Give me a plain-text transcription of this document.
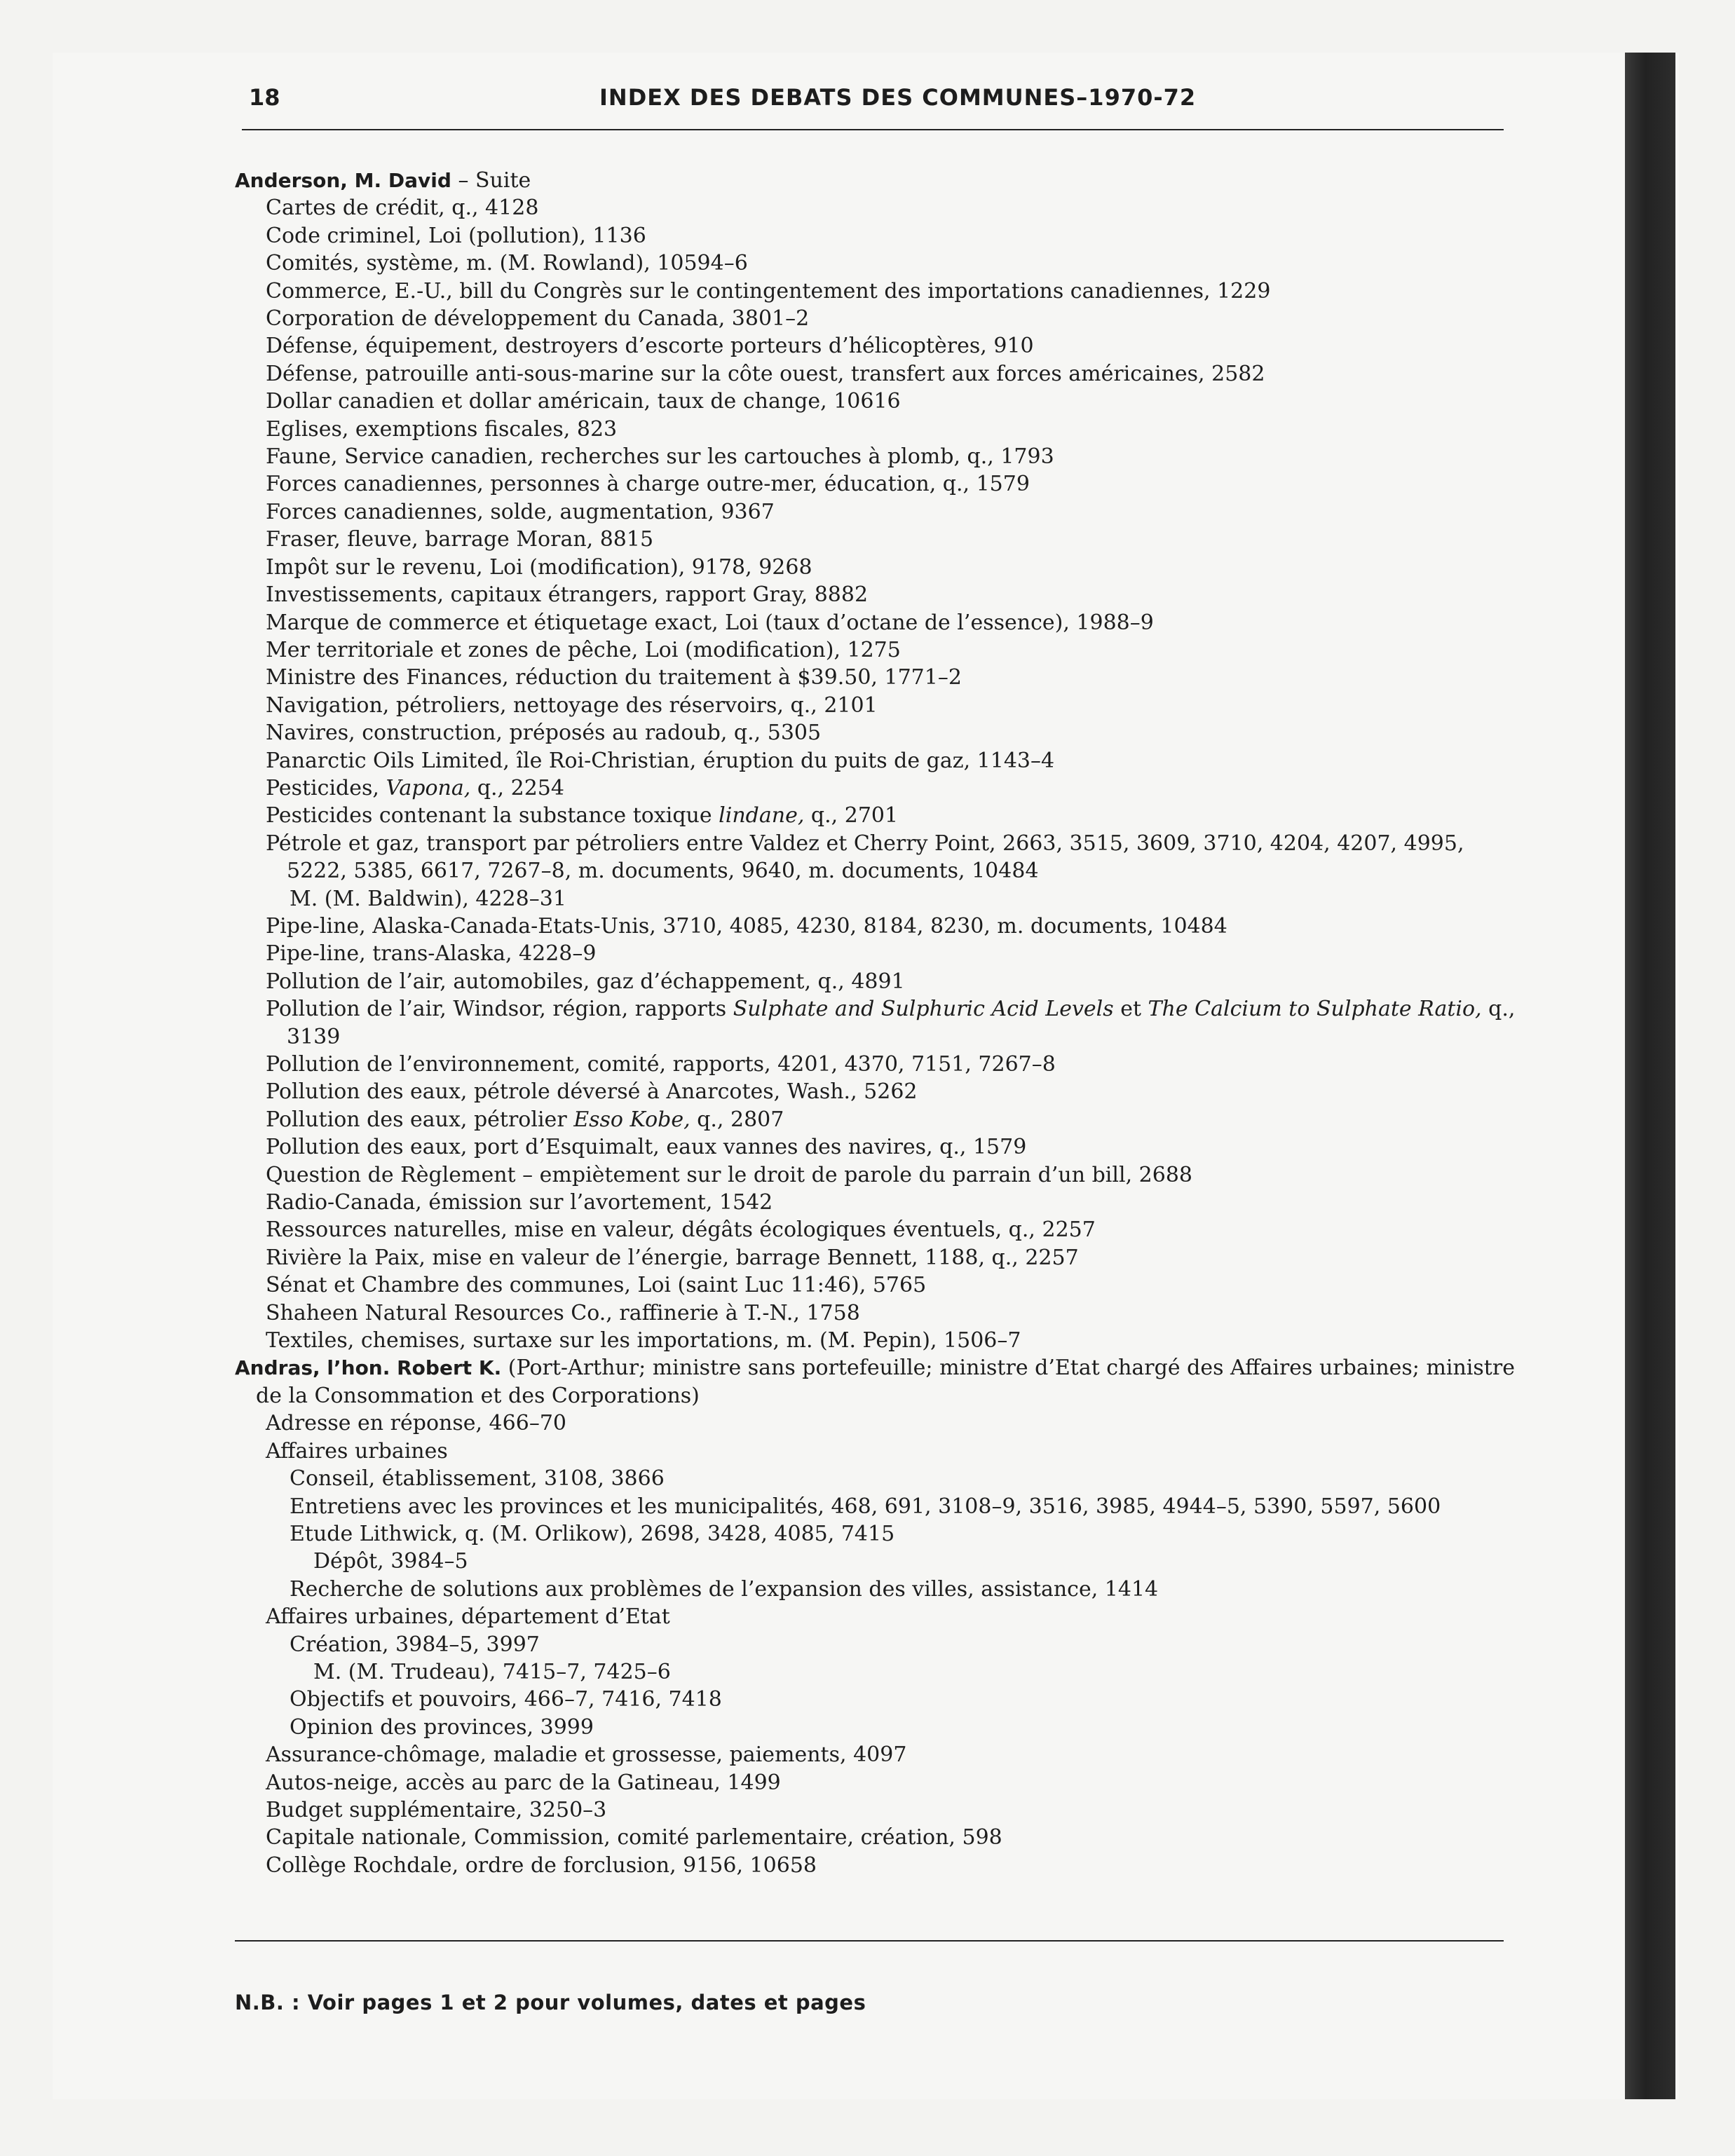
18	INDEX DES DEBATS DES COMMUNES–1970-72
Anderson, M. David – Suite
Cartes de crédit, q., 4128
Code criminel, Loi (pollution), 1136
Comités, système, m. (M. Rowland), 10594–6
Commerce, E.-U., bill du Congrès sur le contingentement des importations canadiennes, 1229
Corporation de développement du Canada, 3801–2
Défense, équipement, destroyers d’escorte porteurs d’hélicoptères, 910
Défense, patrouille anti-sous-marine sur la côte ouest, transfert aux forces américaines, 2582
Dollar canadien et dollar américain, taux de change, 10616
Eglises, exemptions fiscales, 823
Faune, Service canadien, recherches sur les cartouches à plomb, q., 1793
Forces canadiennes, personnes à charge outre-mer, éducation, q., 1579
Forces canadiennes, solde, augmentation, 9367
Fraser, fleuve, barrage Moran, 8815
Impôt sur le revenu, Loi (modification), 9178, 9268
Investissements, capitaux étrangers, rapport Gray, 8882
Marque de commerce et étiquetage exact, Loi (taux d’octane de l’essence), 1988–9
Mer territoriale et zones de pêche, Loi (modification), 1275
Ministre des Finances, réduction du traitement à $39.50, 1771–2
Navigation, pétroliers, nettoyage des réservoirs, q., 2101
Navires, construction, préposés au radoub, q., 5305
Panarctic Oils Limited, île Roi-Christian, éruption du puits de gaz, 1143–4
Pesticides, Vapona, q., 2254
Pesticides contenant la substance toxique lindane, q., 2701
Pétrole et gaz, transport par pétroliers entre Valdez et Cherry Point, 2663, 3515, 3609, 3710, 4204, 4207, 4995, 5222, 5385, 6617, 7267–8, m. documents, 9640, m. documents, 10484
M. (M. Baldwin), 4228–31
Pipe-line, Alaska-Canada-Etats-Unis, 3710, 4085, 4230, 8184, 8230, m. documents, 10484
Pipe-line, trans-Alaska, 4228–9
Pollution de l’air, automobiles, gaz d’échappement, q., 4891
Pollution de l’air, Windsor, région, rapports Sulphate and Sulphuric Acid Levels et The Calcium to Sulphate Ratio, q., 3139
Pollution de l’environnement, comité, rapports, 4201, 4370, 7151, 7267–8
Pollution des eaux, pétrole déversé à Anarcotes, Wash., 5262
Pollution des eaux, pétrolier Esso Kobe, q., 2807
Pollution des eaux, port d’Esquimalt, eaux vannes des navires, q., 1579
Question de Règlement – empiètement sur le droit de parole du parrain d’un bill, 2688
Radio-Canada, émission sur l’avortement, 1542
Ressources naturelles, mise en valeur, dégâts écologiques éventuels, q., 2257
Rivière la Paix, mise en valeur de l’énergie, barrage Bennett, 1188, q., 2257
Sénat et Chambre des communes, Loi (saint Luc 11:46), 5765
Shaheen Natural Resources Co., raffinerie à T.-N., 1758
Textiles, chemises, surtaxe sur les importations, m. (M. Pepin), 1506–7
Andras, l’hon. Robert K. (Port-Arthur; ministre sans portefeuille; ministre d’Etat chargé des Affaires urbaines; ministre de la Consommation et des Corporations)
Adresse en réponse, 466–70
Affaires urbaines
Conseil, établissement, 3108, 3866
Entretiens avec les provinces et les municipalités, 468, 691, 3108–9, 3516, 3985, 4944–5, 5390, 5597, 5600
Etude Lithwick, q. (M. Orlikow), 2698, 3428, 4085, 7415
Dépôt, 3984–5
Recherche de solutions aux problèmes de l’expansion des villes, assistance, 1414
Affaires urbaines, département d’Etat
Création, 3984–5, 3997
M. (M. Trudeau), 7415–7, 7425–6
Objectifs et pouvoirs, 466–7, 7416, 7418
Opinion des provinces, 3999
Assurance-chômage, maladie et grossesse, paiements, 4097
Autos-neige, accès au parc de la Gatineau, 1499
Budget supplémentaire, 3250–3
Capitale nationale, Commission, comité parlementaire, création, 598
Collège Rochdale, ordre de forclusion, 9156, 10658
N.B. : Voir pages 1 et 2 pour volumes, dates et pages
